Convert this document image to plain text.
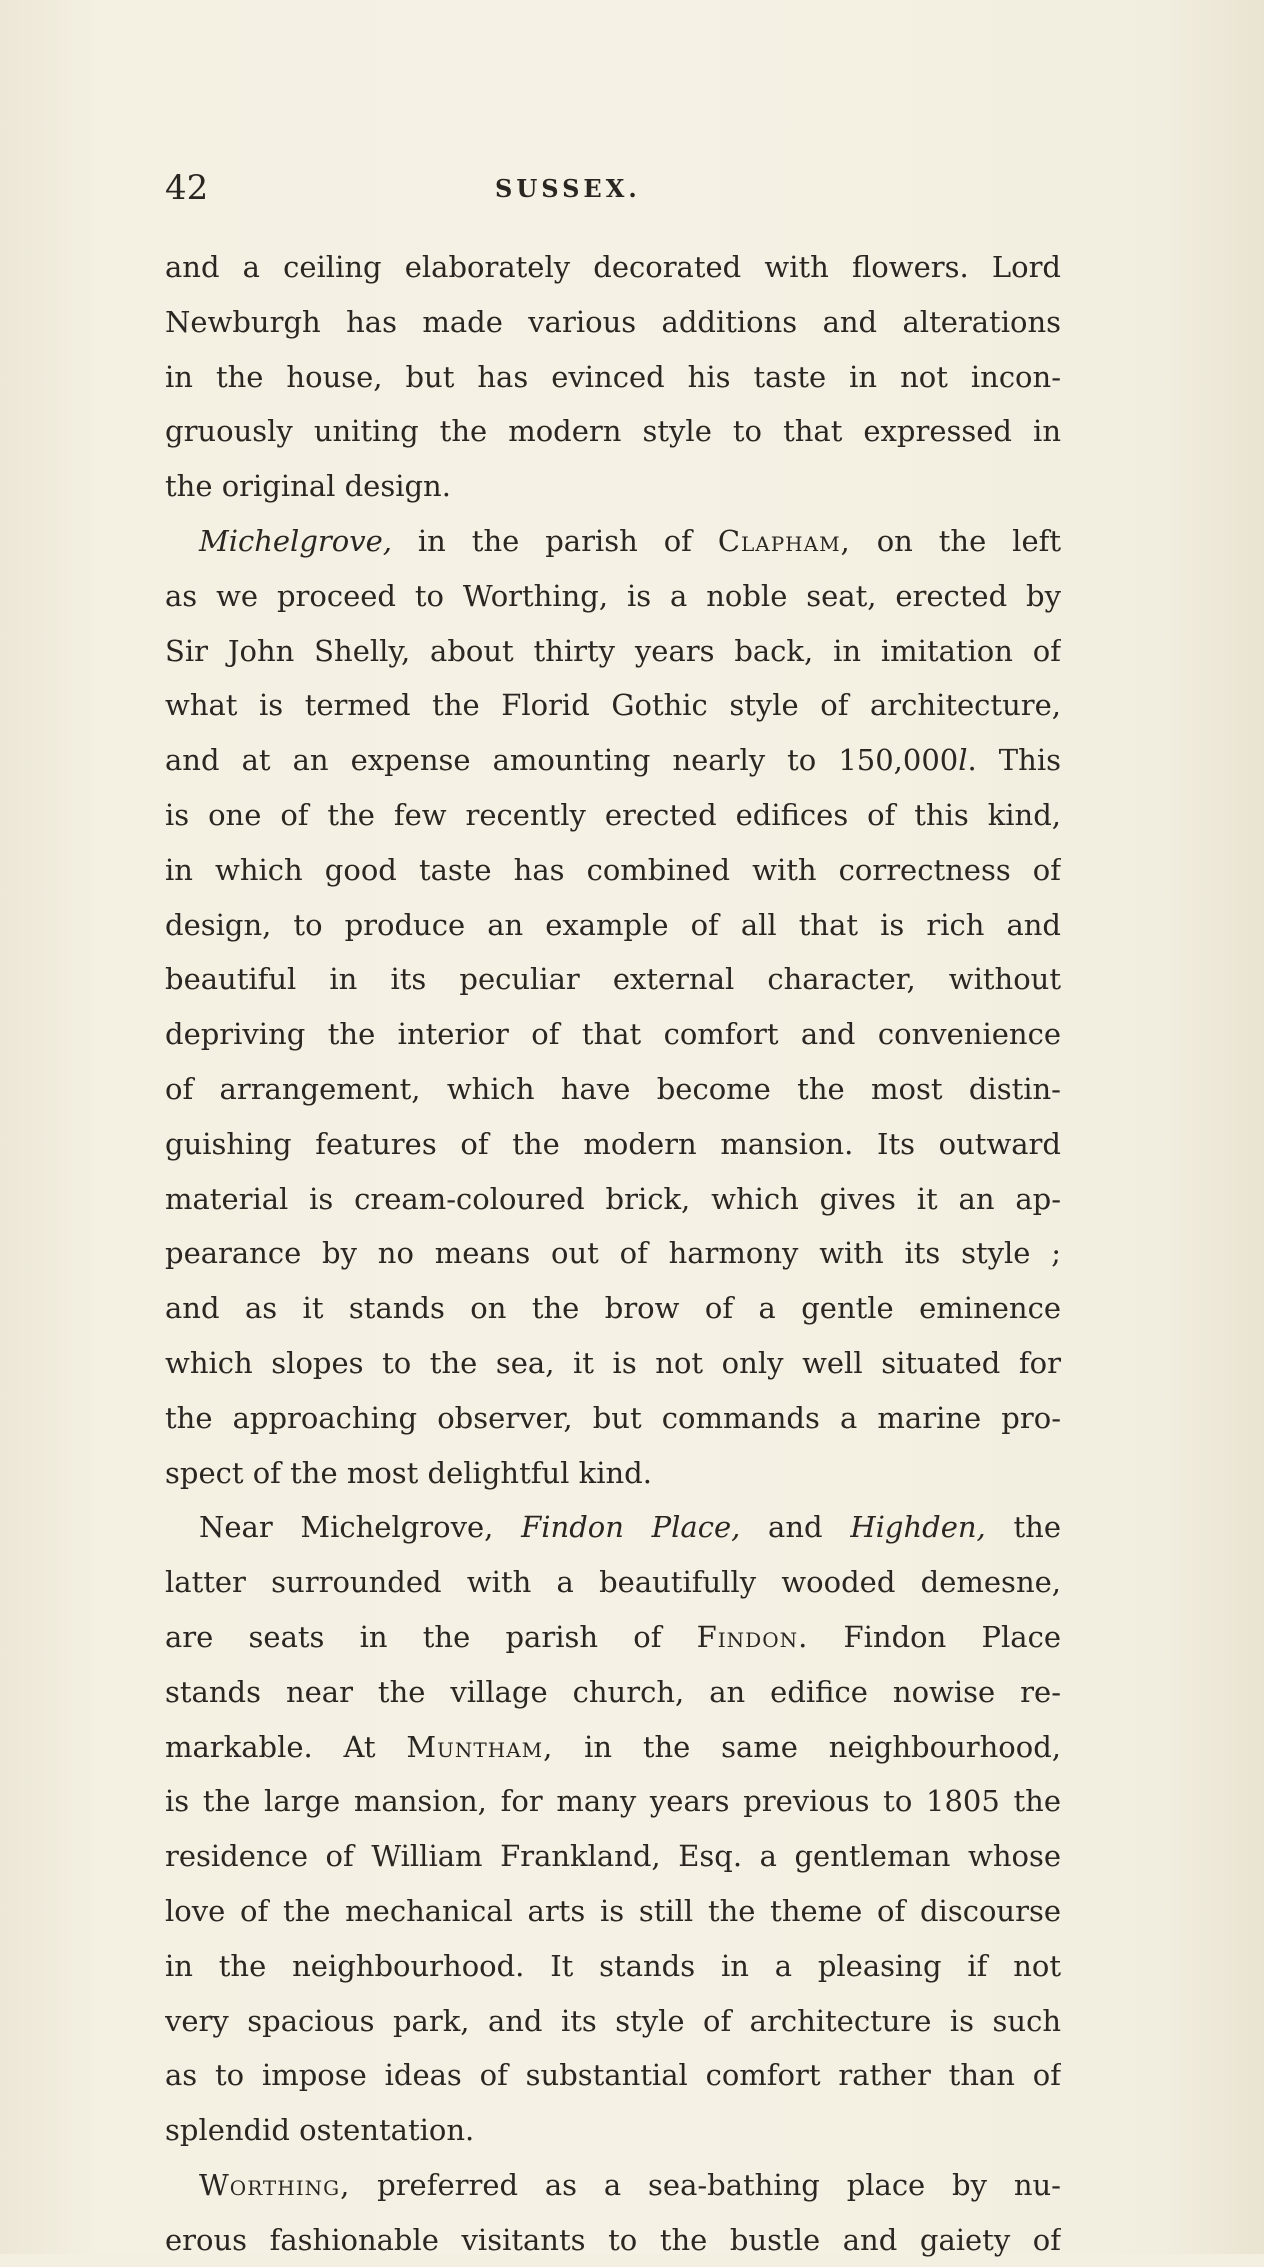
42	SUSSEX.
and a ceiling elaborately decorated with flowers. Lord
Newburgh has made various additions and alterations
in the house, but has evinced his taste in not incon-
gruously uniting the modern style to that expressed in
the original design.
Michelgrove, in the parish of Clapham, on the left
as we proceed to Worthing, is a noble seat, erected by
Sir John Shelly, about thirty years back, in imitation of
what is termed the Florid Gothic style of architecture,
and at an expense amounting nearly to 150,000l. This
is one of the few recently erected edifices of this kind,
in which good taste has combined with correctness of
design, to produce an example of all that is rich and
beautiful in its peculiar external character, without
depriving the interior of that comfort and convenience
of arrangement, which have become the most distin-
guishing features of the modern mansion. Its outward
material is cream-coloured brick, which gives it an ap-
pearance by no means out of harmony with its style ;
and as it stands on the brow of a gentle eminence
which slopes to the sea, it is not only well situated for
the approaching observer, but commands a marine pro-
spect of the most delightful kind.
Near Michelgrove, Findon Place, and Highden, the
latter surrounded with a beautifully wooded demesne,
are seats in the parish of Findon. Findon Place
stands near the village church, an edifice nowise re-
markable. At Muntham, in the same neighbourhood,
is the large mansion, for many years previous to 1805 the
residence of William Frankland, Esq. a gentleman whose
love of the mechanical arts is still the theme of discourse
in the neighbourhood. It stands in a pleasing if not
very spacious park, and its style of architecture is such
as to impose ideas of substantial comfort rather than of
splendid ostentation.
Worthing, preferred as a sea-bathing place by nu-
erous fashionable visitants to the bustle and gaiety of
